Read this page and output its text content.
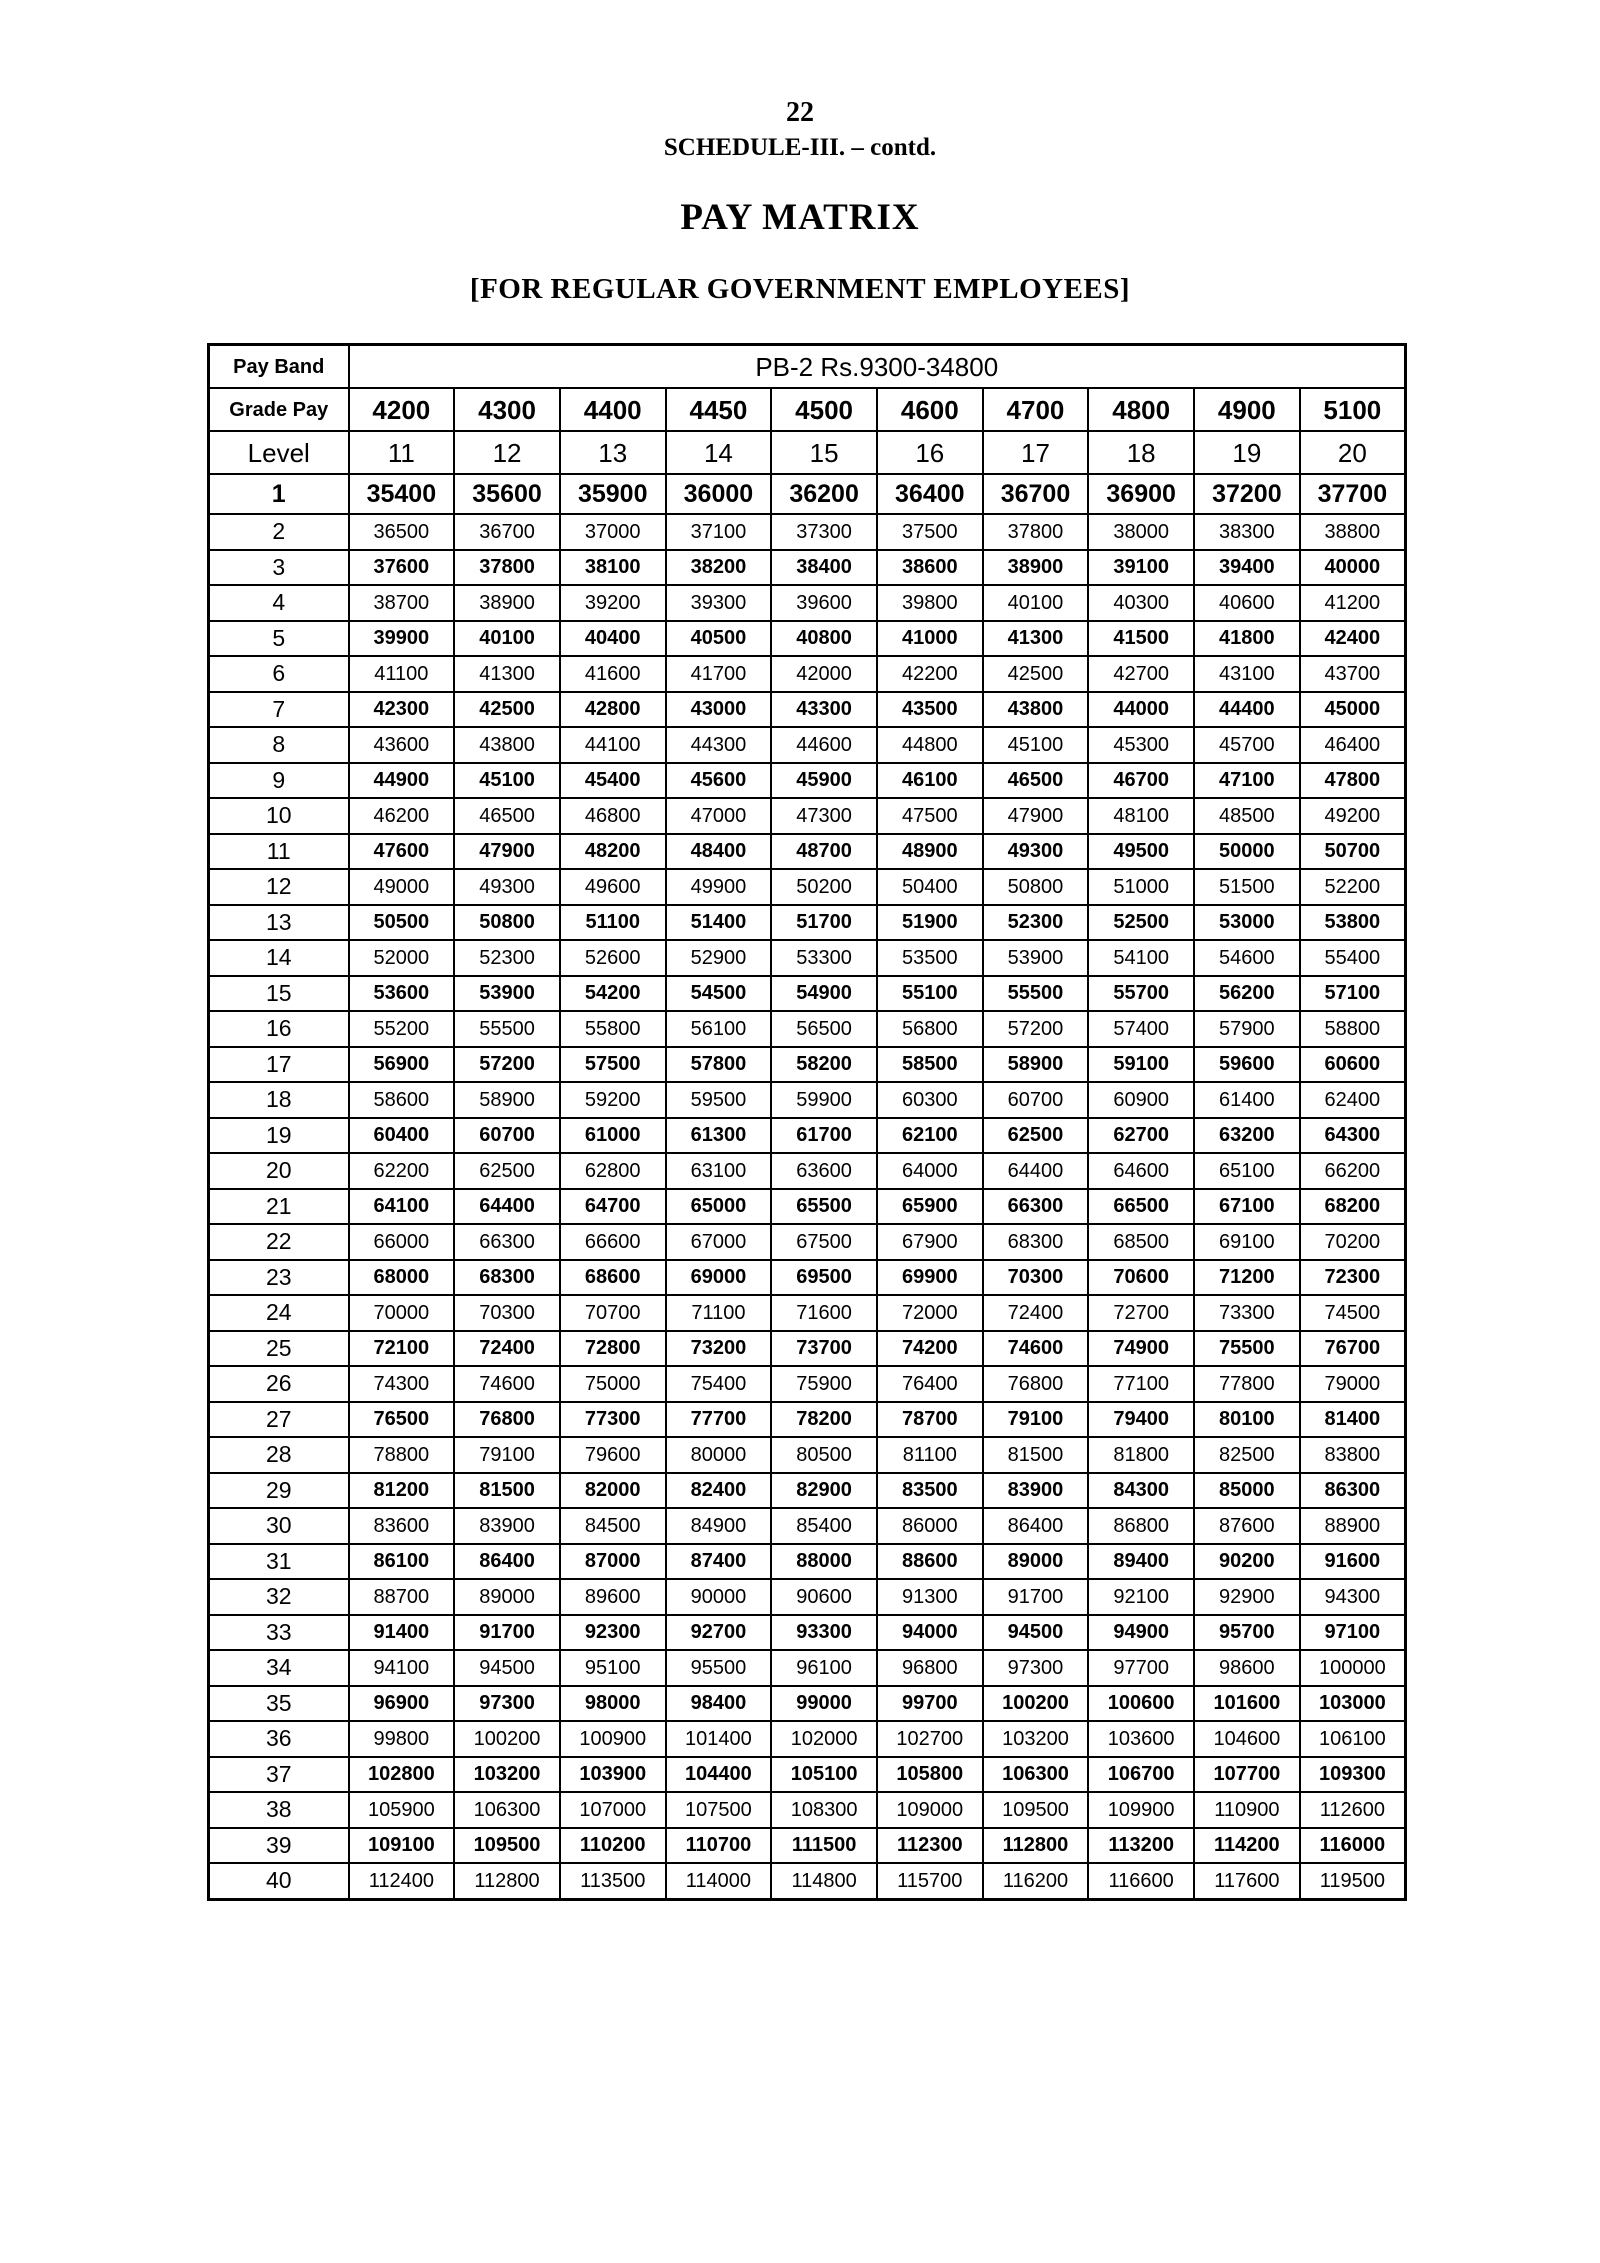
22
SCHEDULE-III. – contd.
PAY MATRIX
[FOR REGULAR GOVERNMENT EMPLOYEES]
Pay Band	PB-2 Rs.9300-34800									
Grade Pay	4200	4300	4400	4450	4500	4600	4700	4800	4900	5100
Level	11	12	13	14	15	16	17	18	19	20
1	35400	35600	35900	36000	36200	36400	36700	36900	37200	37700
2	36500	36700	37000	37100	37300	37500	37800	38000	38300	38800
3	37600	37800	38100	38200	38400	38600	38900	39100	39400	40000
4	38700	38900	39200	39300	39600	39800	40100	40300	40600	41200
5	39900	40100	40400	40500	40800	41000	41300	41500	41800	42400
6	41100	41300	41600	41700	42000	42200	42500	42700	43100	43700
7	42300	42500	42800	43000	43300	43500	43800	44000	44400	45000
8	43600	43800	44100	44300	44600	44800	45100	45300	45700	46400
9	44900	45100	45400	45600	45900	46100	46500	46700	47100	47800
10	46200	46500	46800	47000	47300	47500	47900	48100	48500	49200
11	47600	47900	48200	48400	48700	48900	49300	49500	50000	50700
12	49000	49300	49600	49900	50200	50400	50800	51000	51500	52200
13	50500	50800	51100	51400	51700	51900	52300	52500	53000	53800
14	52000	52300	52600	52900	53300	53500	53900	54100	54600	55400
15	53600	53900	54200	54500	54900	55100	55500	55700	56200	57100
16	55200	55500	55800	56100	56500	56800	57200	57400	57900	58800
17	56900	57200	57500	57800	58200	58500	58900	59100	59600	60600
18	58600	58900	59200	59500	59900	60300	60700	60900	61400	62400
19	60400	60700	61000	61300	61700	62100	62500	62700	63200	64300
20	62200	62500	62800	63100	63600	64000	64400	64600	65100	66200
21	64100	64400	64700	65000	65500	65900	66300	66500	67100	68200
22	66000	66300	66600	67000	67500	67900	68300	68500	69100	70200
23	68000	68300	68600	69000	69500	69900	70300	70600	71200	72300
24	70000	70300	70700	71100	71600	72000	72400	72700	73300	74500
25	72100	72400	72800	73200	73700	74200	74600	74900	75500	76700
26	74300	74600	75000	75400	75900	76400	76800	77100	77800	79000
27	76500	76800	77300	77700	78200	78700	79100	79400	80100	81400
28	78800	79100	79600	80000	80500	81100	81500	81800	82500	83800
29	81200	81500	82000	82400	82900	83500	83900	84300	85000	86300
30	83600	83900	84500	84900	85400	86000	86400	86800	87600	88900
31	86100	86400	87000	87400	88000	88600	89000	89400	90200	91600
32	88700	89000	89600	90000	90600	91300	91700	92100	92900	94300
33	91400	91700	92300	92700	93300	94000	94500	94900	95700	97100
34	94100	94500	95100	95500	96100	96800	97300	97700	98600	100000
35	96900	97300	98000	98400	99000	99700	100200	100600	101600	103000
36	99800	100200	100900	101400	102000	102700	103200	103600	104600	106100
37	102800	103200	103900	104400	105100	105800	106300	106700	107700	109300
38	105900	106300	107000	107500	108300	109000	109500	109900	110900	112600
39	109100	109500	110200	110700	111500	112300	112800	113200	114200	116000
40	112400	112800	113500	114000	114800	115700	116200	116600	117600	119500
